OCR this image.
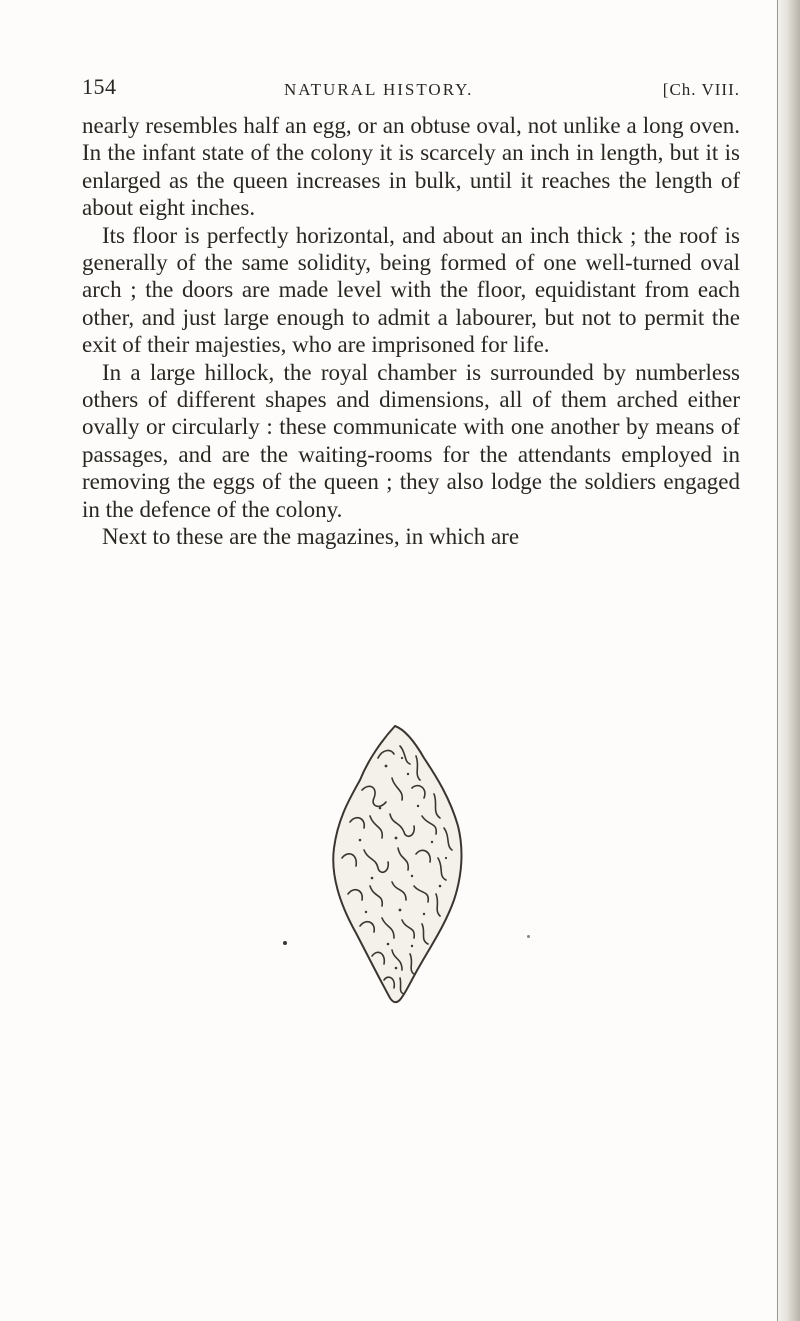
154	NATURAL HISTORY.	[Ch. VIII.

nearly resembles half an egg, or an obtuse oval, not unlike a long oven. In the infant state of the colony it is scarcely an inch in length, but it is enlarged as the queen increases in bulk, until it reaches the length of about eight inches.

Its floor is perfectly horizontal, and about an inch thick ; the roof is generally of the same solidity, being formed of one well-turned oval arch ; the doors are made level with the floor, equidistant from each other, and just large enough to admit a labourer, but not to permit the exit of their majesties, who are imprisoned for life.

In a large hillock, the royal chamber is surrounded by numberless others of different shapes and dimensions, all of them arched either ovally or circularly : these communicate with one another by means of passages, and are the waiting-rooms for the attendants employed in removing the eggs of the queen ; they also lodge the soldiers engaged in the defence of the colony.

Next to these are the magazines, in which are
